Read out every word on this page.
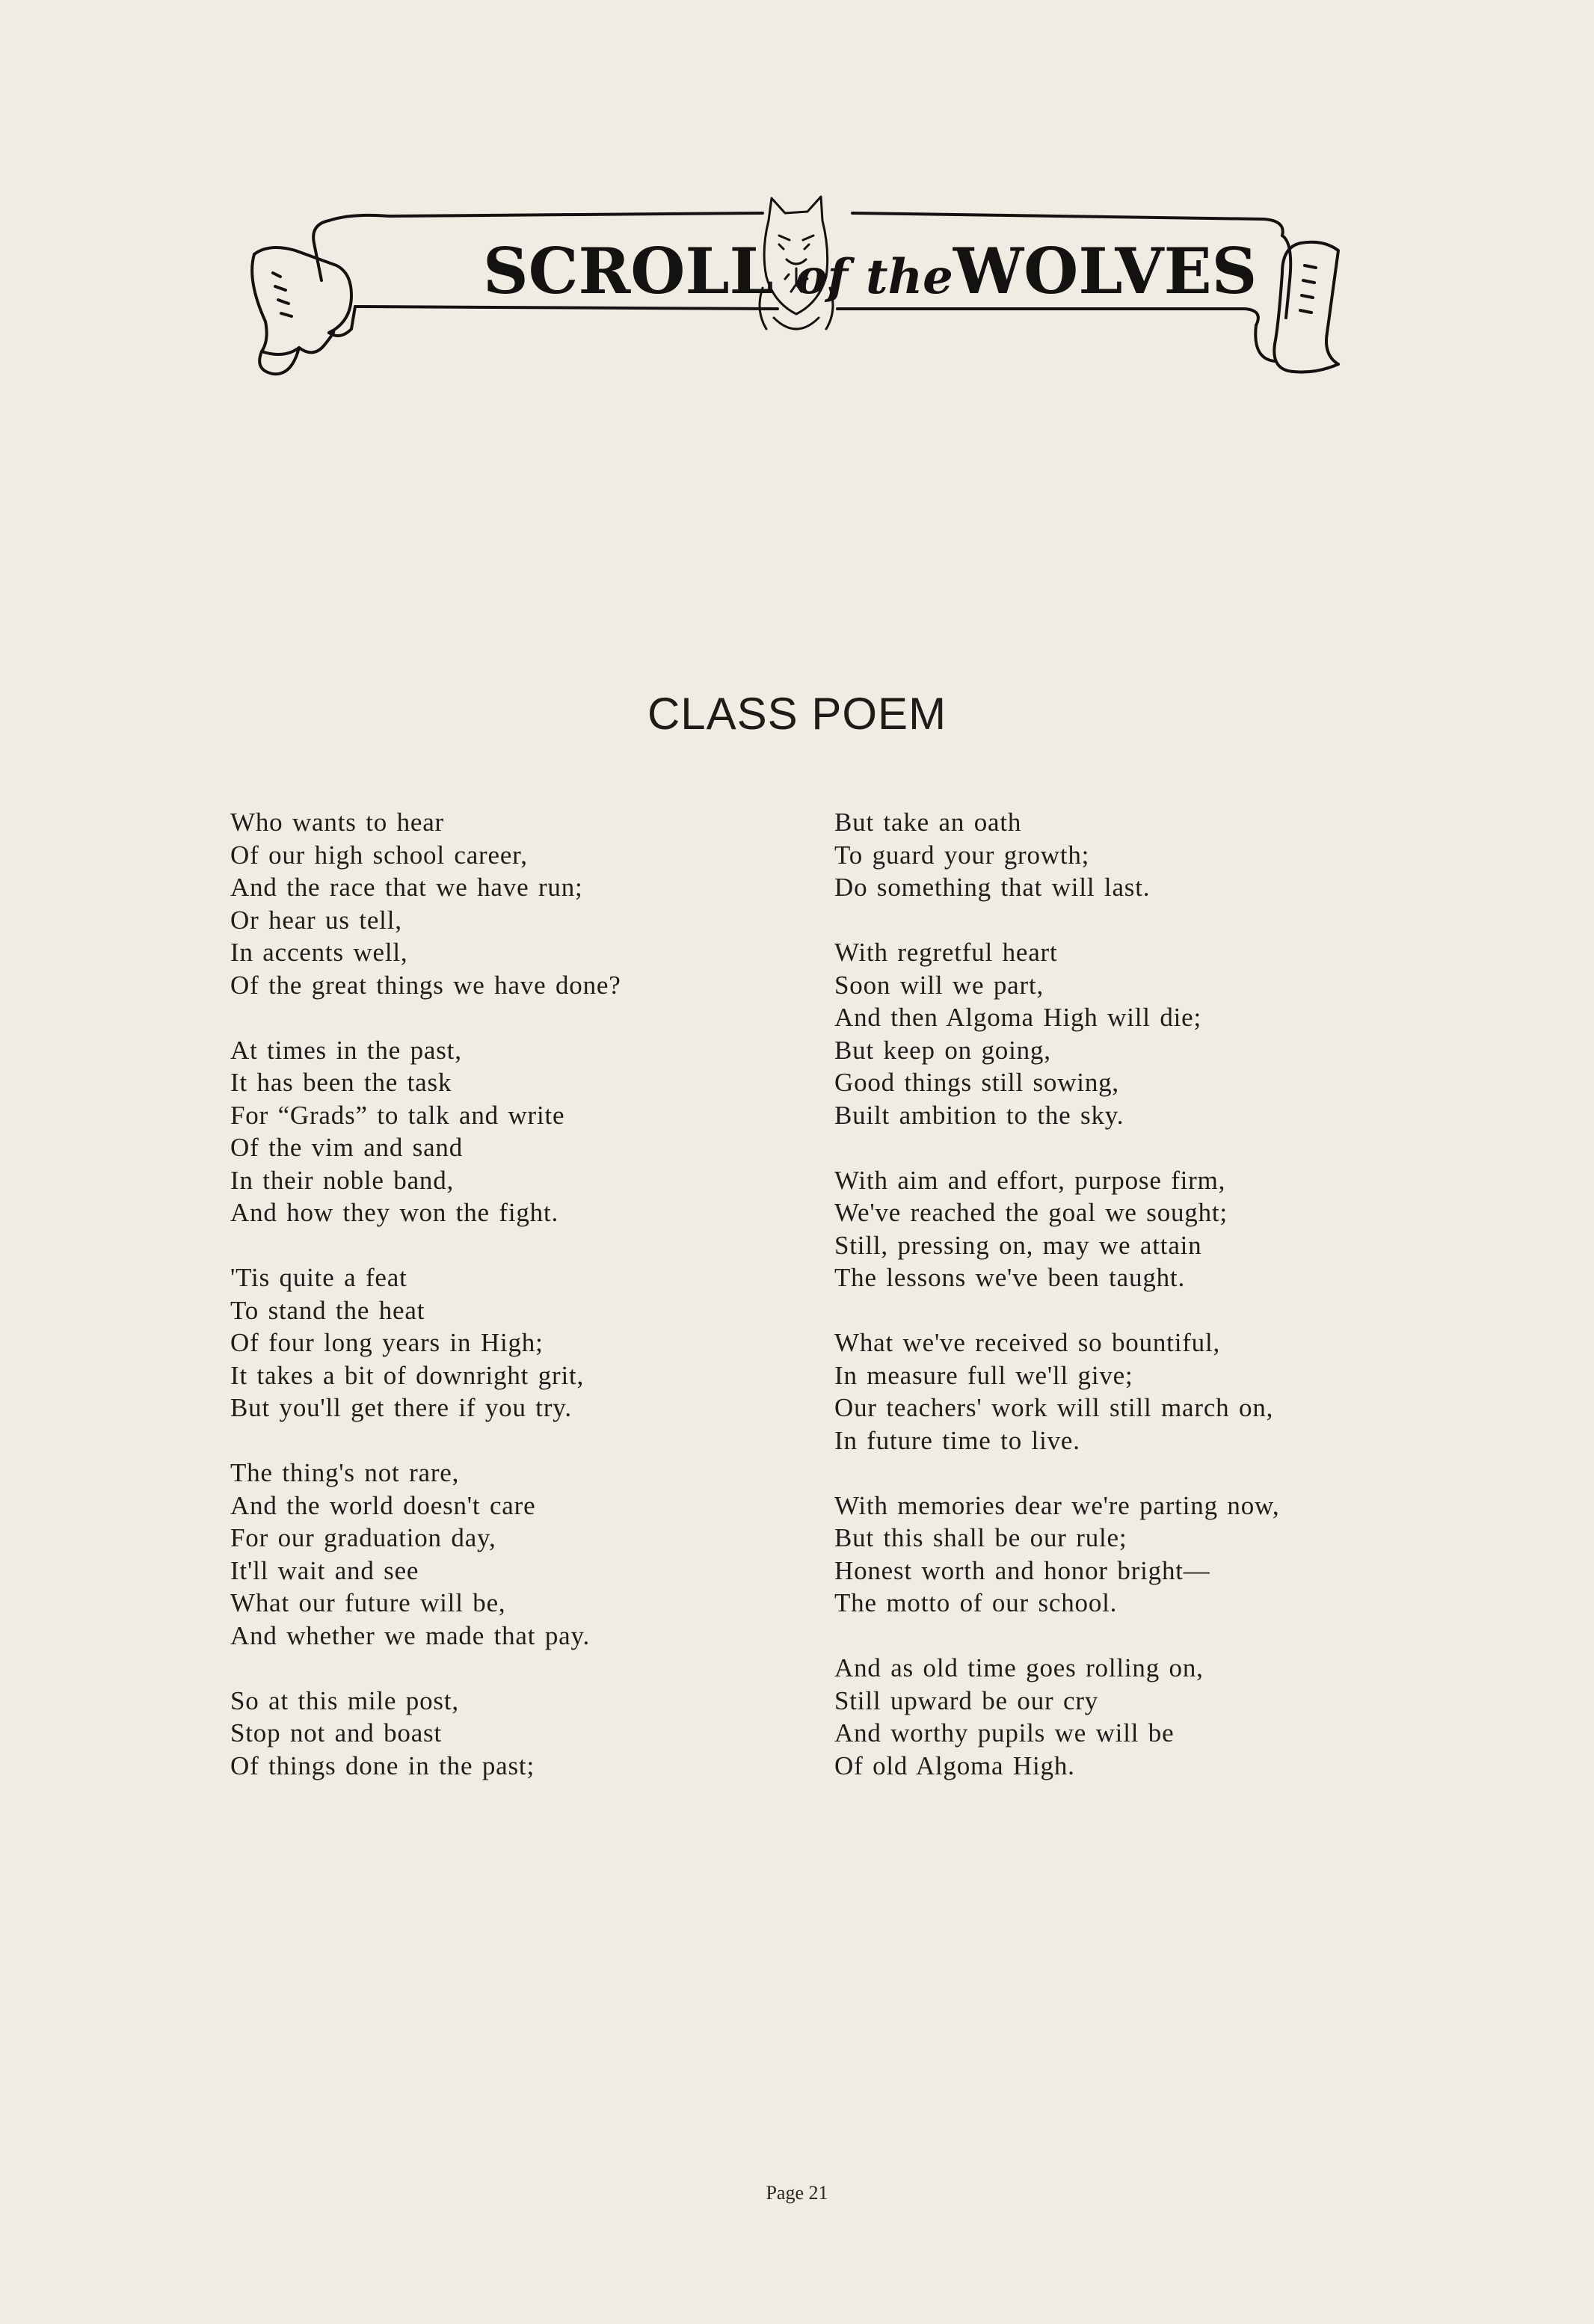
SCROLL of theWOLVES
CLASS POEM
Who wants to hear
Of our high school career,
And the race that we have run;
Or hear us tell,
In accents well,
Of the great things we have done?
At times in the past,
It has been the task
For “Grads” to talk and write
Of the vim and sand
In their noble band,
And how they won the fight.
'Tis quite a feat
To stand the heat
Of four long years in High;
It takes a bit of downright grit,
But you'll get there if you try.
The thing's not rare,
And the world doesn't care
For our graduation day,
It'll wait and see
What our future will be,
And whether we made that pay.
So at this mile post,
Stop not and boast
Of things done in the past;
But take an oath
To guard your growth;
Do something that will last.
With regretful heart
Soon will we part,
And then Algoma High will die;
But keep on going,
Good things still sowing,
Built ambition to the sky.
With aim and effort, purpose firm,
We've reached the goal we sought;
Still, pressing on, may we attain
The lessons we've been taught.
What we've received so bountiful,
In measure full we'll give;
Our teachers' work will still march on,
In future time to live.
With memories dear we're parting now,
But this shall be our rule;
Honest worth and honor bright—
The motto of our school.
And as old time goes rolling on,
Still upward be our cry
And worthy pupils we will be
Of old Algoma High.
Page 21
